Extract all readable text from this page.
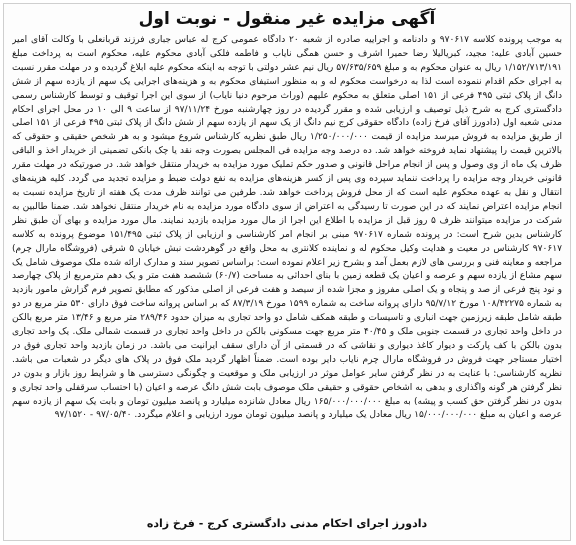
آگهی مزایده غیر منقول - نوبت اول
به موجب پرونده کلاسه ۹۷۰۶۱۷ و دادنامه و اجراییه صادره از شعبه ۲۰ دادگاه عمومی کرج له عباس جباری فرزند قربانعلی با وکالت آقای امیر حسین آبادی علیه: مجید، کبریالیلا رضا حمیرا اشرف و حسن همگی نایاب و فاطمه فلکی آبادی محکوم علیه، محکوم است به پرداخت مبلغ ۱/۱۵۲/۷۱۳/۱۹۱ ریال به عنوان محکوم به و مبلغ ۵۷/۶۳۵/۶۵۹ ریال نیم عشر دولتی با توجه به اینکه محکوم علیه ابلاغ گردیده و در مهلت مقرر نسبت به اجرای حکم اقدام ننموده است لذا به درخواست محکوم له و به منظور استیفای محکوم به و هزینه‌های اجرایی یک سهم از یازده سهم از شش دانگ از پلاک ثبتی ۴۹۵ فرعی از ۱۵۱ اصلی متعلق به محکوم علیهم (وراث مرحوم دنیا نایاب) از سوی این اجرا توقیف و توسط کارشناس رسمی دادگستری کرج به شرح ذیل توصیف و ارزیابی شده و مقرر گردیده در روز چهارشنبه مورخ ۹۷/۱۱/۲۴ از ساعت ۹ الی ۱۰ در محل اجرای احکام مدنی شعبه اول (دادورز آقای فرخ زاده) دادگاه حقوقی کرج نیم دانگ از یک سهم از یازده سهم از شش دانگ از پلاک ثبتی ۴۹۵ فرعی از ۱۵۱ اصلی از طریق مزایده به فروش میرسد مزایده از قیمت ۱/۲۵۰/۰۰۰/۰۰۰ ریال طبق نظریه کارشناس شروع میشود و به هر شخص حقیقی و حقوقی که بالاترین قیمت را پیشنهاد نماید فروخته خواهد شد. ده درصد وجه مزایده فی المجلس بصورت وجه نقد یا چک بانکی تضمینی از خریدار اخذ و الباقی ظرف یک ماه از وی وصول و پس از انجام مراحل قانونی و صدور حکم تملیک مورد مزایده به خریدار منتقل خواهد شد. در صورتیکه در مهلت مقرر قانونی خریدار وجه مزایده را پرداخت ننماید سپرده وی پس از کسر هزینه‌های مزایده به نفع دولت ضبط و مزایده تجدید می گردد. کلیه هزینه‌های انتقال و نقل به عهده محکوم علیه است که از محل فروش پرداخت خواهد شد. طرفین می توانند ظرف مدت یک هفته از تاریخ مزایده نسبت به انجام مزایده اعتراض نمایند که در این صورت تا رسیدگی به اعتراض از سوی دادگاه مورد مزایده به نام خریدار منتقل نخواهد شد. ضمنا طالبین به شرکت در مزایده میتوانند ظرف ۵ روز قبل از مزایده با اطلاع این اجرا از مال مورد مزایده بازدید نمایند. مال مورد مزایده و بهای آن طبق نظر کارشناس بدین شرح است: در پرونده شماره ۹۷۰۶۱۷ مبنی بر انجام امر کارشناسی و ارزیابی از پلاک ثبتی ۱۵۱/۴۹۵ موضوع پرونده به کلاسه ۹۷۰۶۱۷ کارشناس در معیت و هدایت وکیل محکوم له و نماینده کلانتری به محل واقع در گوهردشت نبش خیابان ۵ شرقی (فروشگاه مارال چرم) مراجعه و معاینه فنی و بررسی های لازم بعمل آمد و بشرح زیر اعلام نموده است: براساس تصویر سند و مدارک ارائه شده ملک موصوف شامل یک سهم مشاع از یازده سهم و عرصه و اعیان یک قطعه زمین با بنای احداثی به مساحت (۶۰/۷) ششصد هفت متر و یک دهم مترمربع از پلاک چهارصد و نود پنج فرعی از صد و پنجاه و یک اصلی مفروز و مجزا شده از سیصد و هفت فرعی از اصلی مذکور که مطابق تصویر فرم گزارش مامور بازدید به شماره ۱۰۸/۴۲۲۷۵ مورخ ۹۵/۷/۱۲ دارای پروانه ساخت به شماره ۱۵۹۹ مورخ ۸۷/۳/۱۹ که بر اساس پروانه ساخت فوق دارای ۵۳۰ متر مربع در دو طبقه شامل طبقه زیرزمین جهت انباری و تاسیسات و طبقه همکف شامل دو واحد تجاری به میزان حدود ۲۸۹/۴۶ متر مربع و ۱۳/۴۶ متر مربع بالکن در داخل واحد تجاری در قسمت جنوبی ملک و ۴۰/۴۵ متر مربع جهت مسکونی بالکن در داخل واحد تجاری در قسمت شمالی ملک. یک واحد تجاری بدون بالکن با کف پارکت و دیوار کاغذ دیواری و نقاشی که در قسمتی از آن دارای سقف ایرانیت می باشد. در زمان بازدید واحد تجاری فوق در اختیار مستاجر جهت فروش در فروشگاه مارال چرم نایاب دایر بوده است. ضمناً اظهار گردید ملک فوق در پلاک های دیگر در شعبات می باشد. نظریه کارشناسی: با عنایت به در نظر گرفتن سایر عوامل موثر در ارزیابی ملک و موقعیت و چگونگی دسترسی ها و شرایط روز بازار و بدون در نظر گرفتن هر گونه واگذاری و بدهی به اشخاص حقوقی و حقیقی ملک موصوف بابت شش دانگ عرصه و اعیان (با احتساب سرقفلی واحد تجاری و بدون در نظر گرفتن حق کسب و پیشه) به مبلغ ۱۶۵/۰۰۰/۰۰۰/۰۰۰ ریال معادل شانزده میلیارد و پانصد میلیون تومان و بابت یک سهم از یازده سهم عرصه و اعیان به مبلغ ۱۵/۰۰۰/۰۰۰/۰۰۰ ریال معادل یک میلیارد و پانصد میلیون تومان مورد ارزیابی و اعلام میگردد. ۹۷/۰۵/۴۰ - ۹۷/۱۵۲۰
دادورز اجرای احکام مدنی دادگستری کرج - فرخ زاده
